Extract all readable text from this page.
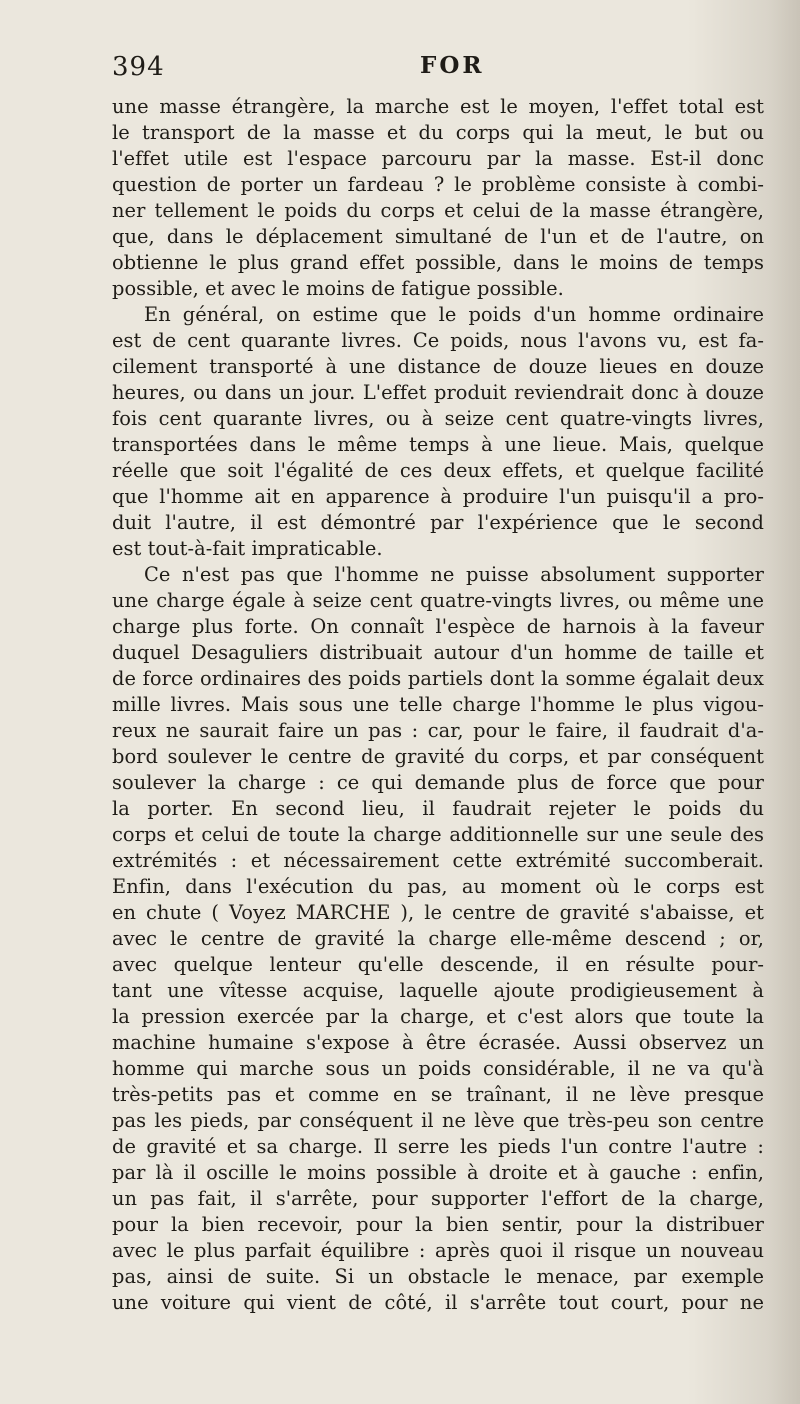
394	FOR
une masse étrangère, la marche est le moyen, l'effet total est
le transport de la masse et du corps qui la meut, le but ou
l'effet utile est l'espace parcouru par la masse. Est-il donc
question de porter un fardeau ? le problème consiste à combi-
ner tellement le poids du corps et celui de la masse étrangère,
que, dans le déplacement simultané de l'un et de l'autre, on
obtienne le plus grand effet possible, dans le moins de temps
possible, et avec le moins de fatigue possible.
En général, on estime que le poids d'un homme ordinaire
est de cent quarante livres. Ce poids, nous l'avons vu, est fa-
cilement transporté à une distance de douze lieues en douze
heures, ou dans un jour. L'effet produit reviendrait donc à douze
fois cent quarante livres, ou à seize cent quatre-vingts livres,
transportées dans le même temps à une lieue. Mais, quelque
réelle que soit l'égalité de ces deux effets, et quelque facilité
que l'homme ait en apparence à produire l'un puisqu'il a pro-
duit l'autre, il est démontré par l'expérience que le second
est tout-à-fait impraticable.
Ce n'est pas que l'homme ne puisse absolument supporter
une charge égale à seize cent quatre-vingts livres, ou même une
charge plus forte. On connaît l'espèce de harnois à la faveur
duquel Desaguliers distribuait autour d'un homme de taille et
de force ordinaires des poids partiels dont la somme égalait deux
mille livres. Mais sous une telle charge l'homme le plus vigou-
reux ne saurait faire un pas : car, pour le faire, il faudrait d'a-
bord soulever le centre de gravité du corps, et par conséquent
soulever la charge : ce qui demande plus de force que pour
la porter. En second lieu, il faudrait rejeter le poids du
corps et celui de toute la charge additionnelle sur une seule des
extrémités : et nécessairement cette extrémité succomberait.
Enfin, dans l'exécution du pas, au moment où le corps est
en chute ( Voyez MARCHE ), le centre de gravité s'abaisse, et
avec le centre de gravité la charge elle-même descend ; or,
avec quelque lenteur qu'elle descende, il en résulte pour-
tant une vîtesse acquise, laquelle ajoute prodigieusement à
la pression exercée par la charge, et c'est alors que toute la
machine humaine s'expose à être écrasée. Aussi observez un
homme qui marche sous un poids considérable, il ne va qu'à
très-petits pas et comme en se traînant, il ne lève presque
pas les pieds, par conséquent il ne lève que très-peu son centre
de gravité et sa charge. Il serre les pieds l'un contre l'autre :
par là il oscille le moins possible à droite et à gauche : enfin,
un pas fait, il s'arrête, pour supporter l'effort de la charge,
pour la bien recevoir, pour la bien sentir, pour la distribuer
avec le plus parfait équilibre : après quoi il risque un nouveau
pas, ainsi de suite. Si un obstacle le menace, par exemple
une voiture qui vient de côté, il s'arrête tout court, pour ne
